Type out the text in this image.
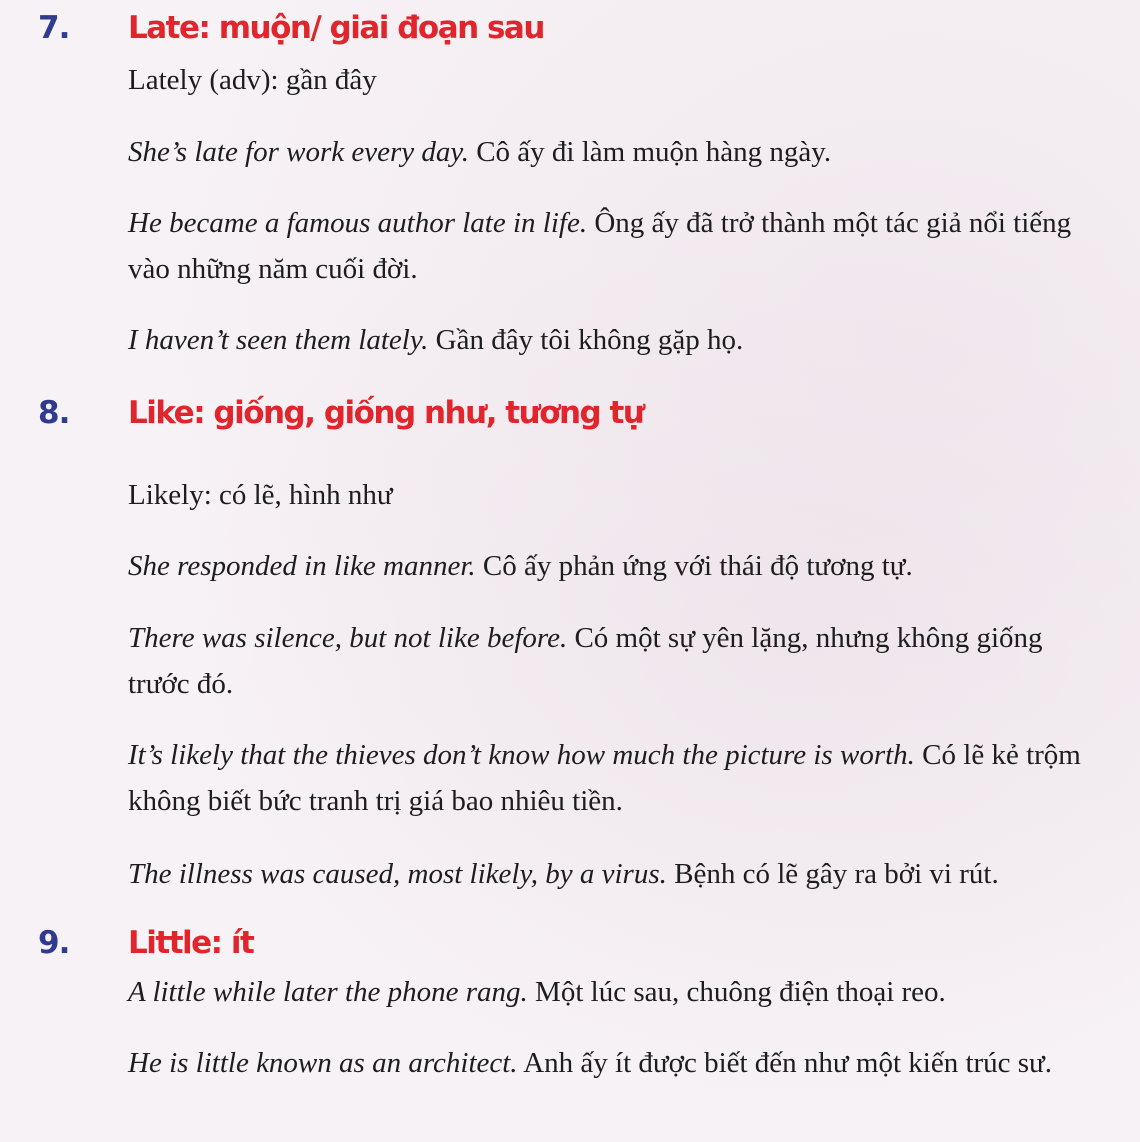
7. Late: muộn/ giai đoạn sau
Lately (adv): gần đây
She’s late for work every day. Cô ấy đi làm muộn hàng ngày.
He became a famous author late in life. Ông ấy đã trở thành một tác giả nổi tiếng vào những năm cuối đời.
I haven’t seen them lately. Gần đây tôi không gặp họ.
8. Like: giống, giống như, tương tự
Likely: có lẽ, hình như
She responded in like manner. Cô ấy phản ứng với thái độ tương tự.
There was silence, but not like before. Có một sự yên lặng, nhưng không giống trước đó.
It’s likely that the thieves don’t know how much the picture is worth. Có lẽ kẻ trộm không biết bức tranh trị giá bao nhiêu tiền.
The illness was caused, most likely, by a virus. Bệnh có lẽ gây ra bởi vi rút.
9. Little: ít
A little while later the phone rang. Một lúc sau, chuông điện thoại reo.
He is little known as an architect. Anh ấy ít được biết đến như một kiến trúc sư.
